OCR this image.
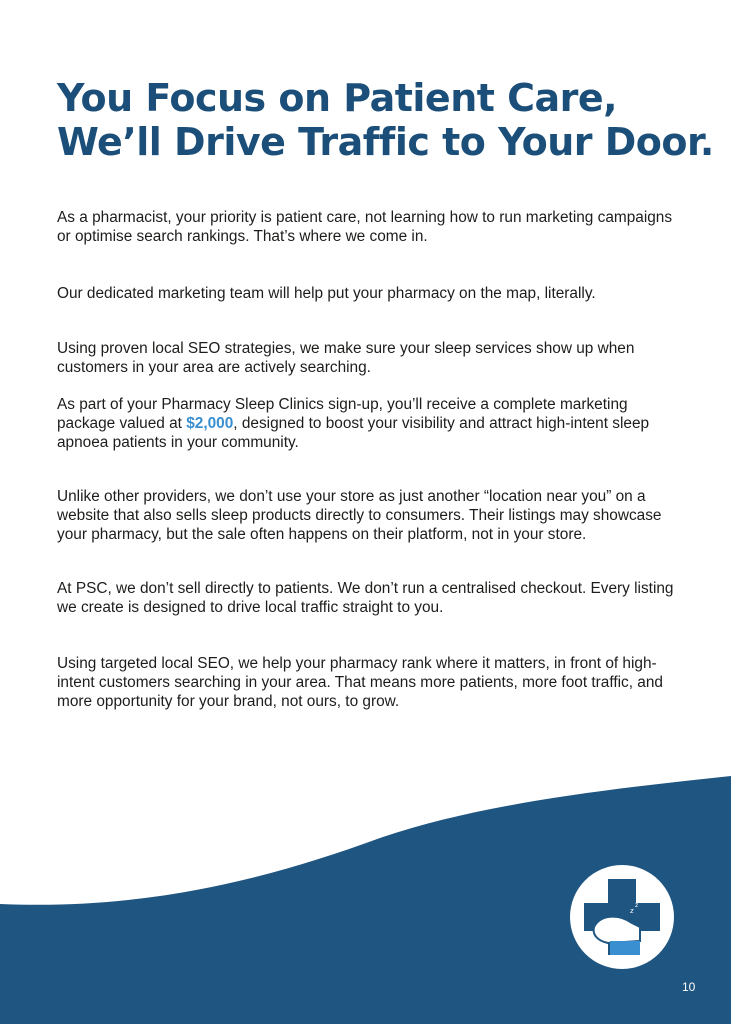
You Focus on Patient Care,
We’ll Drive Traffic to Your Door.

As a pharmacist, your priority is patient care, not learning how to run marketing campaigns or optimise search rankings. That’s where we come in.

Our dedicated marketing team will help put your pharmacy on the map, literally.

Using proven local SEO strategies, we make sure your sleep services show up when customers in your area are actively searching.

As part of your Pharmacy Sleep Clinics sign-up, you’ll receive a complete marketing package valued at $2,000, designed to boost your visibility and attract high-intent sleep apnoea patients in your community.

Unlike other providers, we don’t use your store as just another “location near you” on a website that also sells sleep products directly to consumers. Their listings may showcase your pharmacy, but the sale often happens on their platform, not in your store.

At PSC, we don’t sell directly to patients. We don’t run a centralised checkout. Every listing we create is designed to drive local traffic straight to you.

Using targeted local SEO, we help your pharmacy rank where it matters, in front of high-intent customers searching in your area. That means more patients, more foot traffic, and more opportunity for your brand, not ours, to grow.

z
z
z
10
